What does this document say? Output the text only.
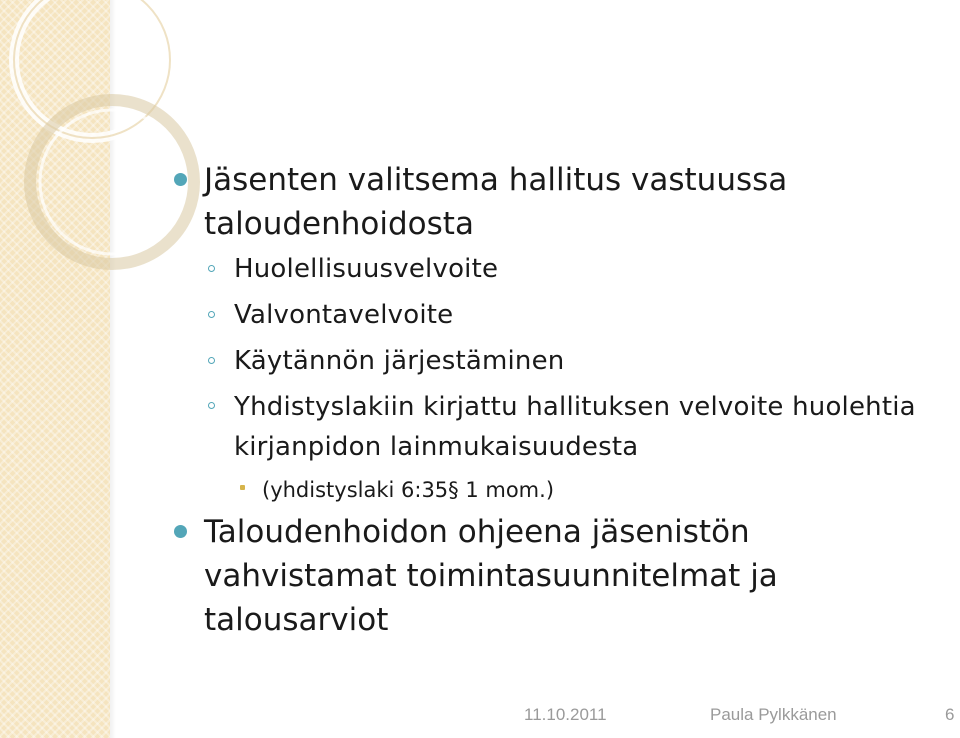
Jäsenten valitsema hallitus vastuussa taloudenhoidosta

Huolellisuusvelvoite

Valvontavelvoite

Käytännön järjestäminen

Yhdistyslakiin kirjattu hallituksen velvoite huolehtia kirjanpidon lainmukaisuudesta

(yhdistyslaki 6:35§ 1 mom.)

Taloudenhoidon ohjeena jäsenistön vahvistamat toimintasuunnitelmat ja talousarviot

11.10.2011	Paula Pylkkänen	6
